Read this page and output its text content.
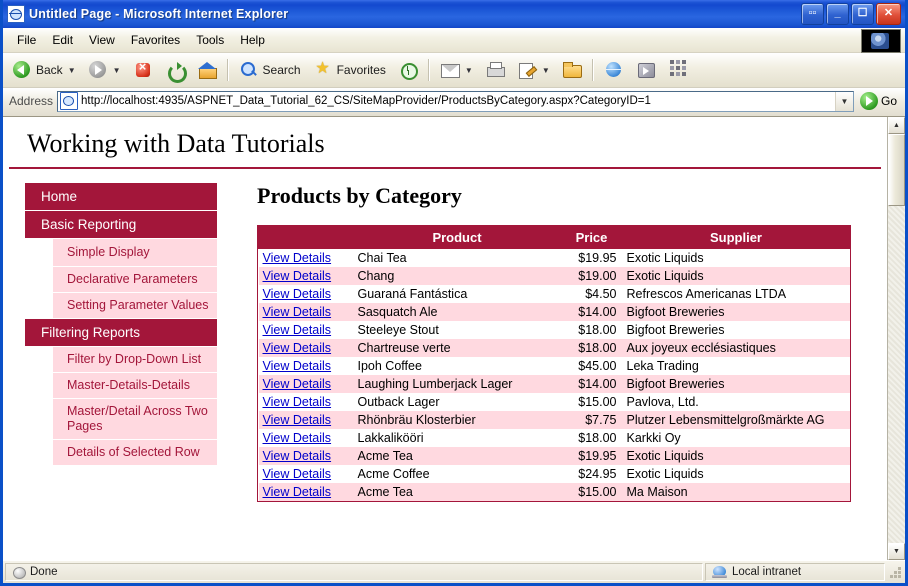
Untitled Page - Microsoft Internet Explorer	▫▫	_	☐	✕
File	Edit	View	Favorites	Tools	Help
Back ▼	▼ ×	Search ★	Favorites	▼	▼
Address http://localhost:4935/ASPNET_Data_Tutorial_62_CS/SiteMapProvider/ProductsByCategory.aspx?CategoryID=1	▼	Go
Working with Data Tutorials
Home
Basic Reporting
Simple Display
Declarative Parameters
Setting Parameter Values
Filtering Reports
Filter by Drop-Down List
Master-Details-Details
Master/Detail Across Two Pages
Details of Selected Row
Products by Category
	Product	Price	Supplier
View Details	Chai Tea	$19.95	Exotic Liquids
View Details	Chang	$19.00	Exotic Liquids
View Details	Guaraná Fantástica	$4.50	Refrescos Americanas LTDA
View Details	Sasquatch Ale	$14.00	Bigfoot Breweries
View Details	Steeleye Stout	$18.00	Bigfoot Breweries
View Details	Chartreuse verte	$18.00	Aux joyeux ecclésiastiques
View Details	Ipoh Coffee	$45.00	Leka Trading
View Details	Laughing Lumberjack Lager	$14.00	Bigfoot Breweries
View Details	Outback Lager	$15.00	Pavlova, Ltd.
View Details	Rhönbräu Klosterbier	$7.75	Plutzer Lebensmittelgroßmärkte AG
View Details	Lakkalikööri	$18.00	Karkki Oy
View Details	Acme Tea	$19.95	Exotic Liquids
View Details	Acme Coffee	$24.95	Exotic Liquids
View Details	Acme Tea	$15.00	Ma Maison
▲
▼
Done	Local intranet
